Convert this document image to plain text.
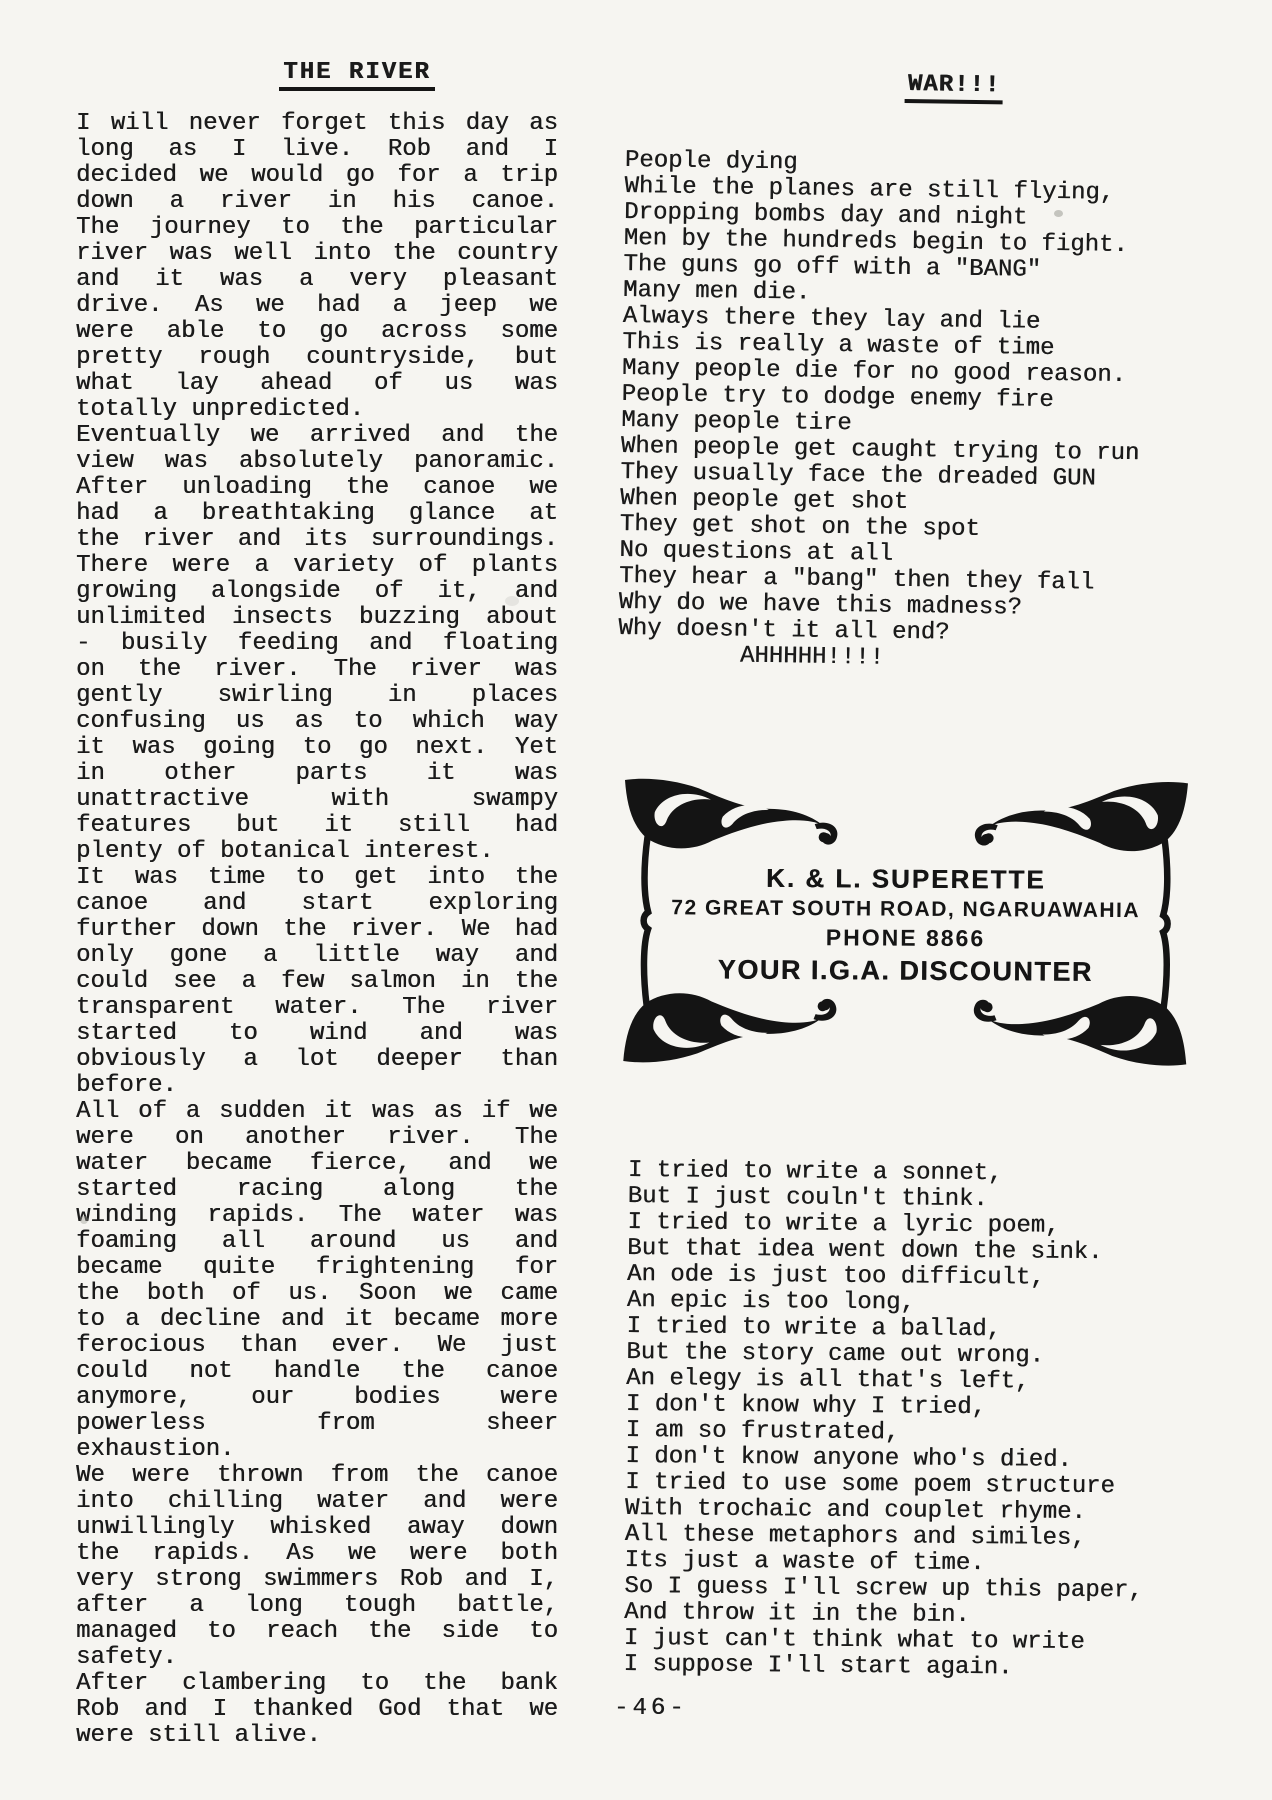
THE RIVER
I will never forget this day as
long as I live. Rob and I
decided we would go for a trip
down a river in his canoe.
The journey to the particular
river was well into the country
and it was a very pleasant
drive. As we had a jeep we
were able to go across some
pretty rough countryside, but
what lay ahead of us was
totally unpredicted.
Eventually we arrived and the
view was absolutely panoramic.
After unloading the canoe we
had a breathtaking glance at
the river and its surroundings.
There were a variety of plants
growing alongside of it, and
unlimited insects buzzing about
- busily feeding and floating
on the river. The river was
gently swirling in places
confusing us as to which way
it was going to go next. Yet
in other parts it was
unattractive with swampy
features but it still had
plenty of botanical interest.
It was time to get into the
canoe and start exploring
further down the river. We had
only gone a little way and
could see a few salmon in the
transparent water. The river
started to wind and was
obviously a lot deeper than
before.
All of a sudden it was as if we
were on another river. The
water became fierce, and we
started racing along the
winding rapids. The water was
foaming all around us and
became quite frightening for
the both of us. Soon we came
to a decline and it became more
ferocious than ever. We just
could not handle the canoe
anymore, our bodies were
powerless from sheer
exhaustion.
We were thrown from the canoe
into chilling water and were
unwillingly whisked away down
the rapids. As we were both
very strong swimmers Rob and I,
after a long tough battle,
managed to reach the side to
safety.
After clambering to the bank
Rob and I thanked God that we
were still alive.
WAR!!!
People dying
While the planes are still flying,
Dropping bombs day and night
Men by the hundreds begin to fight.
The guns go off with a "BANG"
Many men die.
Always there they lay and lie
This is really a waste of time
Many people die for no good reason.
People try to dodge enemy fire
Many people tire
When people get caught trying to run
They usually face the dreaded GUN
When people get shot
They get shot on the spot
No questions at all
They hear a "bang" then they fall
Why do we have this madness?
Why doesn't it all end?
AHHHHH!!!!
K. & L. SUPERETTE
72 GREAT SOUTH ROAD, NGARUAWAHIA
PHONE 8866
YOUR I.G.A. DISCOUNTER
I tried to write a sonnet,
But I just couln't think.
I tried to write a lyric poem,
But that idea went down the sink.
An ode is just too difficult,
An epic is too long,
I tried to write a ballad,
But the story came out wrong.
An elegy is all that's left,
I don't know why I tried,
I am so frustrated,
I don't know anyone who's died.
I tried to use some poem structure
With trochaic and couplet rhyme.
All these metaphors and similes,
Its just a waste of time.
So I guess I'll screw up this paper,
And throw it in the bin.
I just can't think what to write
I suppose I'll start again.
-46-
